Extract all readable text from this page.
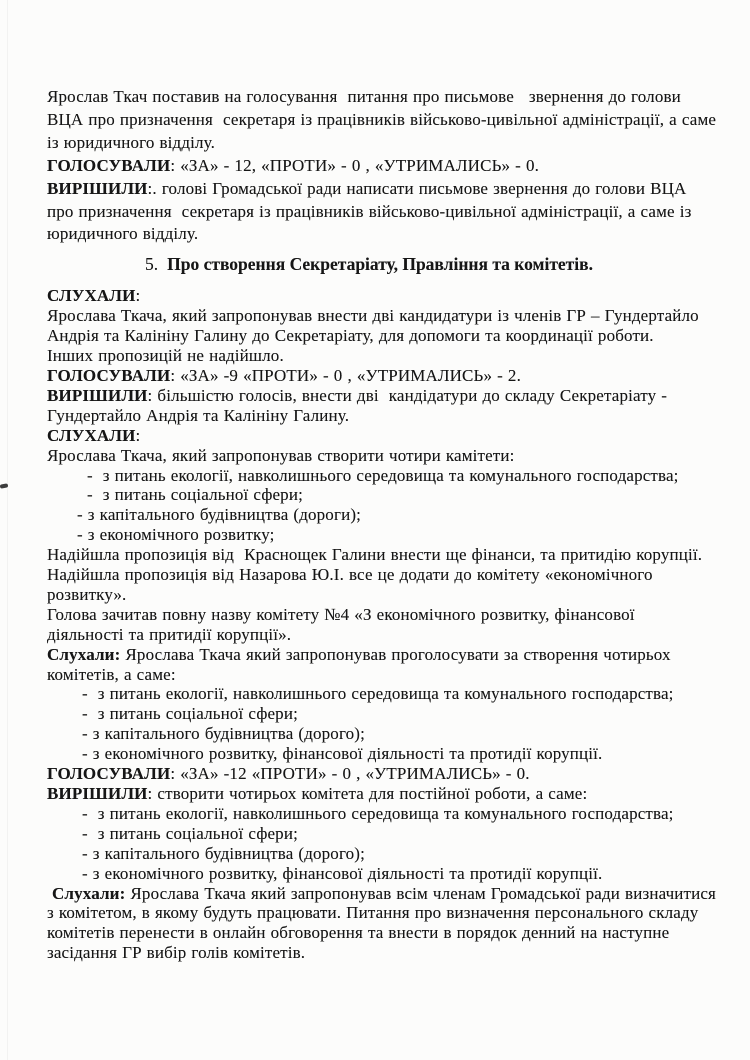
Ярослав Ткач поставив на голосування  питання про письмове   звернення до голови
ВЦА про призначення  секретаря із працівників військово-цивільної адміністрації, а саме
із юридичного відділу.
ГОЛОСУВАЛИ: «ЗА» - 12, «ПРОТИ» - 0 , «УТРИМАЛИСЬ» - 0.
ВИРІШИЛИ:. голові Громадської ради написати письмове звернення до голови ВЦА
про призначення  секретаря із працівників військово-цивільної адміністрації, а саме із
юридичного відділу.
5. Про створення Секретаріату, Правління та комітетів.
СЛУХАЛИ:
Ярослава Ткача, який запропонував внести дві кандидатури із членів ГР – Гундертайло
Андрія та Калініну Галину до Секретаріату, для допомоги та координації роботи.
Інших пропозицій не надійшло.
ГОЛОСУВАЛИ: «ЗА» -9 «ПРОТИ» - 0 , «УТРИМАЛИСЬ» - 2.
ВИРІШИЛИ: більшістю голосів, внести дві  кандідатури до складу Секретаріату -
Гундертайло Андрія та Калініну Галину.
СЛУХАЛИ:
Ярослава Ткача, який запропонував створити чотири камітети:
-  з питань екології, навколишнього середовища та комунального господарства;
-  з питань соціальної сфери;
- з капітального будівництва (дороги);
- з економічного розвитку;
Надійшла пропозиція від  Краснощек Галини внести ще фінанси, та притидію корупції.
Надійшла пропозиція від Назарова Ю.І. все це додати до комітету «економічного
розвитку».
Голова зачитав повну назву комітету №4 «З економічного розвитку, фінансової
діяльності та притидії корупції».
Слухали: Ярослава Ткача який запропонував проголосувати за створення чотирьох
комітетів, а саме:
-  з питань екології, навколишнього середовища та комунального господарства;
-  з питань соціальної сфери;
- з капітального будівництва (дорого);
- з економічного розвитку, фінансової діяльності та протидії корупції.
ГОЛОСУВАЛИ: «ЗА» -12 «ПРОТИ» - 0 , «УТРИМАЛИСЬ» - 0.
ВИРІШИЛИ: створити чотирьох комітета для постійної роботи, а саме:
-  з питань екології, навколишнього середовища та комунального господарства;
-  з питань соціальної сфери;
- з капітального будівництва (дорого);
- з економічного розвитку, фінансової діяльності та протидії корупції.
Слухали: Ярослава Ткача який запропонував всім членам Громадської ради визначитися
з комітетом, в якому будуть працювати. Питання про визначення персонального складу
комітетів перенести в онлайн обговорення та внести в порядок денний на наступне
засідання ГР вибір голів комітетів.
